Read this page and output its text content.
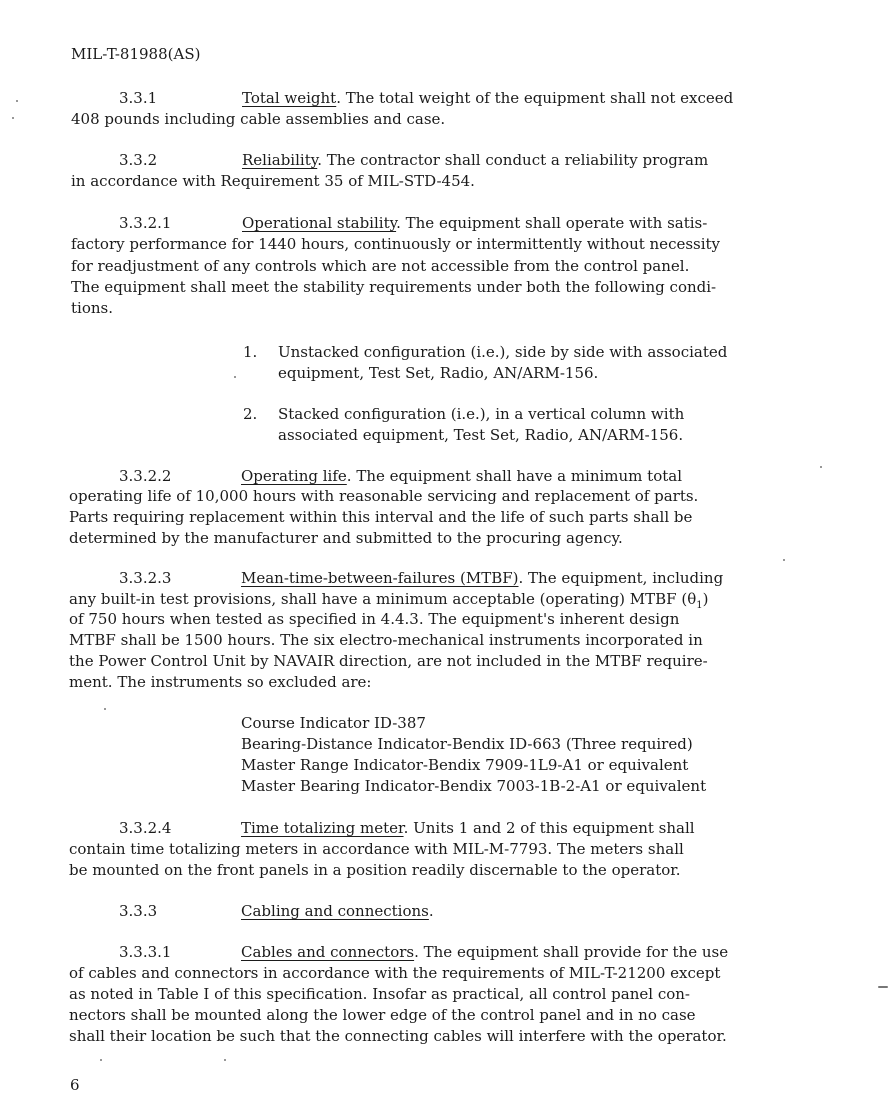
MIL-T-81988(AS)
3.3.1	Total weight. The total weight of the equipment shall not exceed
408 pounds including cable assemblies and case.
3.3.2	Reliability. The contractor shall conduct a reliability program
in accordance with Requirement 35 of MIL-STD-454.
3.3.2.1	Operational stability. The equipment shall operate with satis-
factory performance for 1440 hours, continuously or intermittently without necessity
for readjustment of any controls which are not accessible from the control panel.
The equipment shall meet the stability requirements under both the following condi-
tions.
1. Unstacked configuration (i.e.), side by side with associated
equipment, Test Set, Radio, AN/ARM-156.
2. Stacked configuration (i.e.), in a vertical column with
associated equipment, Test Set, Radio, AN/ARM-156.
3.3.2.2	Operating life. The equipment shall have a minimum total
operating life of 10,000 hours with reasonable servicing and replacement of parts.
Parts requiring replacement within this interval and the life of such parts shall be
determined by the manufacturer and submitted to the procuring agency.
3.3.2.3	Mean-time-between-failures (MTBF). The equipment, including
any built-in test provisions, shall have a minimum acceptable (operating) MTBF $(\theta_1)$
of 750 hours when tested as specified in 4.4.3. The equipment's inherent design
MTBF shall be 1500 hours. The six electro-mechanical instruments incorporated in
the Power Control Unit by NAVAIR direction, are not included in the MTBF require-
ment. The instruments so excluded are:
Course Indicator ID-387
Bearing-Distance Indicator-Bendix ID-663 (Three required)
Master Range Indicator-Bendix 7909-1L9-A1 or equivalent
Master Bearing Indicator-Bendix 7003-1B-2-A1 or equivalent
3.3.2.4	Time totalizing meter. Units 1 and 2 of this equipment shall
contain time totalizing meters in accordance with MIL-M-7793. The meters shall
be mounted on the front panels in a position readily discernable to the operator.
3.3.3	Cabling and connections.
3.3.3.1	Cables and connectors. The equipment shall provide for the use
of cables and connectors in accordance with the requirements of MIL-T-21200 except
as noted in Table I of this specification. Insofar as practical, all control panel con-
nectors shall be mounted along the lower edge of the control panel and in no case
shall their location be such that the connecting cables will interfere with the operator.
6
